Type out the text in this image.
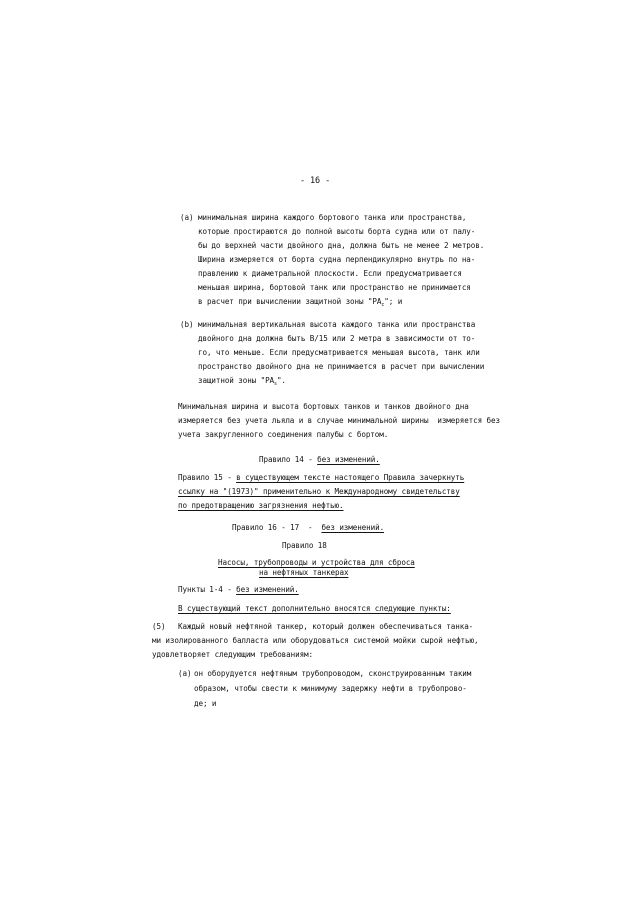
- 16 -
(a) минимальная ширина каждого бортового танка или пространства,
которые простираются до полной высоты борта судна или от палу-
бы до верхней части двойного дна, должна быть не менее 2 метров.
Ширина измеряется от борта судна перпендикулярно внутрь по на-
правлению к диаметральной плоскости. Если предусматривается
меньшая ширина, бортовой танк или пространство не принимается
в расчет при вычислении защитной зоны "$PA_c$"; и
(b) минимальная вертикальная высота каждого танка или пространства
двойного дна должна быть В/15 или 2 метра в зависимости от то-
го, что меньше. Если предусматривается меньшая высота, танк или
пространство двойного дна не принимается в расчет при вычислении
защитной зоны "$PA_s$".
Минимальная ширина и высота бортовых танков и танков двойного дна
измеряется без учета льяла и в случае минимальной ширины  измеряется без
учета закругленного соединения палубы с бортом.
Правило 14 - без изменений.
Правило 15 - в существующем тексте настоящего Правила зачеркнуть
ссылку на "(1973)" применительно к Международному свидетельству
по предотвращению загрязнения нефтью.
Правило 16 - 17  -  без изменений.
Правило 18
Насосы, трубопроводы и устройства для сброса
на нефтяных танкерах
Пункты 1-4 - без изменений.
В существующий текст дополнительно вносятся следующие пункты:
(5) Каждый новый нефтяной танкер, который должен обеспечиваться танка-
ми изолированного балласта или оборудоваться системой мойки сырой нефтью,
удовлетворяет следующим требованиям:
(a) он оборудуется нефтяным трубопроводом, сконструированным таким
образом, чтобы свести к минимуму задержку нефти в трубопрово-
де; и
